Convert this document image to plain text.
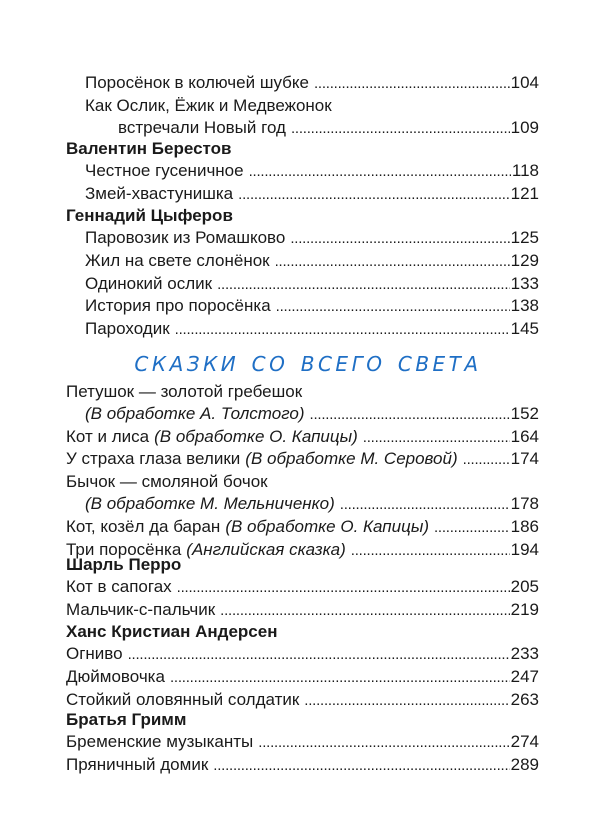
Поросёнок в колючей шубке . . .	104
Как Ослик, Ёжик и Медвежонок
встречали Новый год . . .	109
Валентин Берестов
Честное гусеничное . . .	118
Змей-хвастунишка . . .	121
Геннадий Цыферов
Паровозик из Ромашково . . .	125
Жил на свете слонёнок . . .	129
Одинокий ослик . . .	133
История про поросёнка . . .	138
Пароходик . . .	145
сказки со всего света
Петушок — золотой гребешок
(В обработке А. Толстого) . . .	152
Кот и лиса (В обработке О. Капицы) . . .	164
У страха глаза велики (В обработке М. Серовой) . . .	174
Бычок — смоляной бочок
(В обработке М. Мельниченко) . . .	178
Кот, козёл да баран (В обработке О. Капицы) . . .	186
Три поросёнка (Английская сказка) . . .	194
Шарль Перро
Кот в сапогах . . .	205
Мальчик-с-пальчик . . .	219
Ханс Кристиан Андерсен
Огниво . . .	233
Дюймовочка . . .	247
Стойкий оловянный солдатик . . .	263
Братья Гримм
Бременские музыканты . . .	274
Пряничный домик . . .	289
